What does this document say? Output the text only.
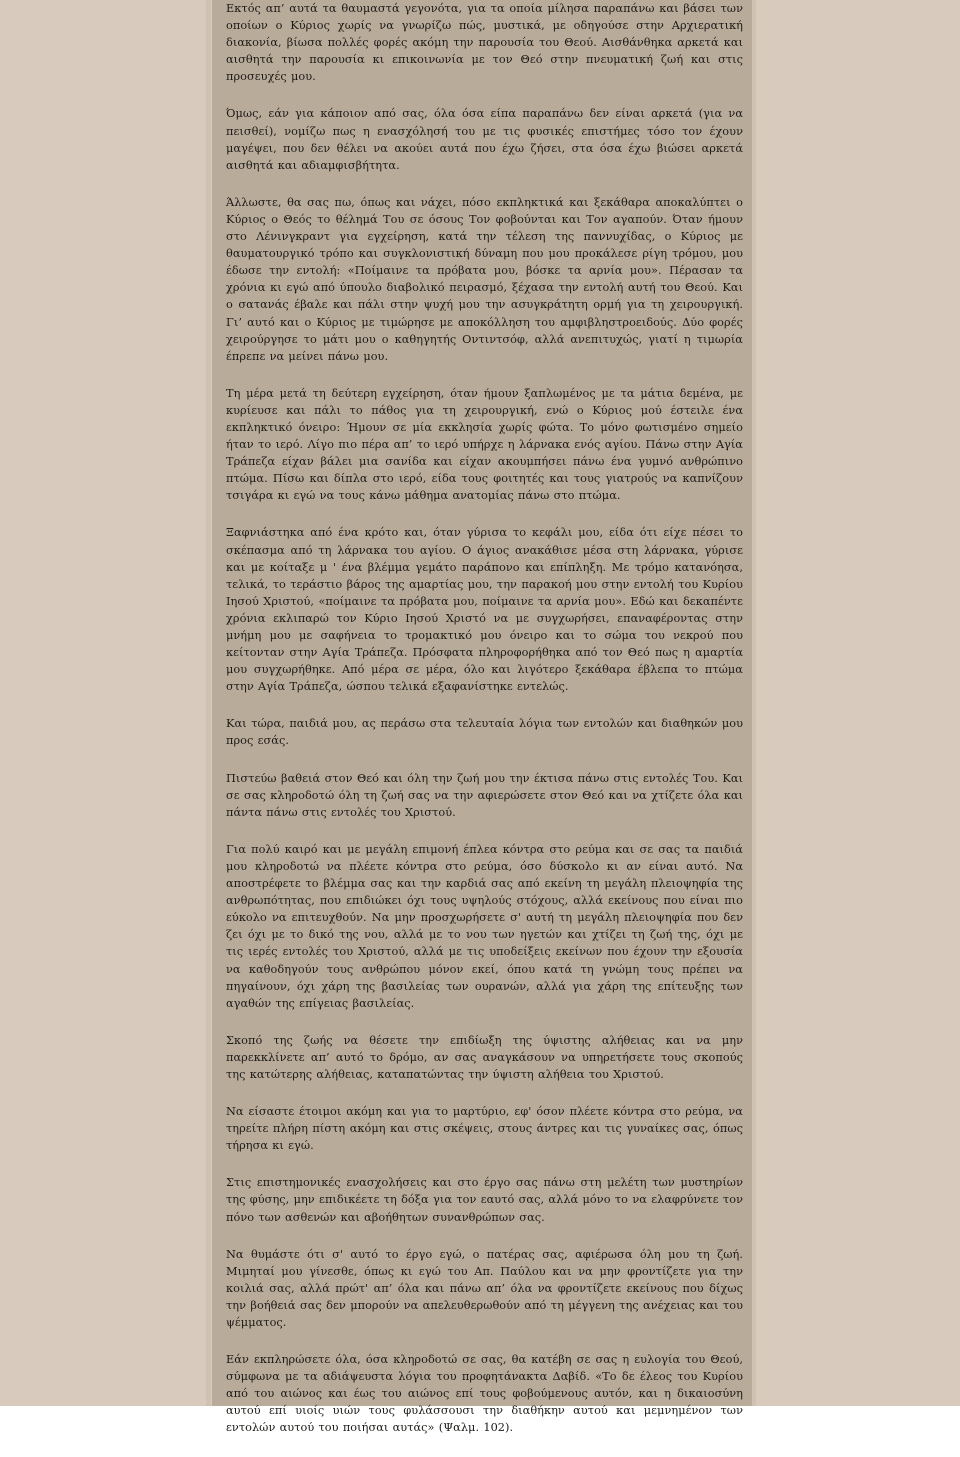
Εκτός απ’ αυτά τα θαυμαστά γεγονότα, για τα οποία μίλησα παραπάνω και βάσει των οποίων ο Κύριος χωρίς να γνωρίζω πώς, μυστικά, με οδηγούσε στην Αρχιερατική διακονία, βίωσα πολλές φορές ακόμη την παρουσία του Θεού. Αισθάνθηκα αρκετά και αισθητά την παρουσία κι επικοινωνία με τον Θεό στην πνευματική ζωή και στις προσευχές μου.

Όμως, εάν για κάποιον από σας, όλα όσα είπα παραπάνω δεν είναι αρκετά (για να πεισθεί), νομίζω πως η ενασχόλησή του με τις φυσικές επιστήμες τόσο τον έχουν μαγέψει, που δεν θέλει να ακούει αυτά που έχω ζήσει, στα όσα έχω βιώσει αρκετά αισθητά και αδιαμφισβήτητα.

Άλλωστε, θα σας πω, όπως και νάχει, πόσο εκπληκτικά και ξεκάθαρα αποκαλύπτει ο Κύριος ο Θεός το θέλημά Του σε όσους Τον φοβούνται και Τον αγαπούν. Όταν ήμουν στο Λένινγκραντ για εγχείρηση, κατά την τέλεση της παννυχίδας, ο Κύριος με θαυματουργικό τρόπο και συγκλονιστική δύναμη που μου προκάλεσε ρίγη τρόμου, μου έδωσε την εντολή: «Ποίμαινε τα πρόβατα μου, βόσκε τα αρνία μου». Πέρασαν τα χρόνια κι εγώ από ύπουλο διαβολικό πειρασμό, ξέχασα την εντολή αυτή του Θεού. Και ο σατανάς έβαλε και πάλι στην ψυχή μου την ασυγκράτητη ορμή για τη χειρουργική. Γι’ αυτό και ο Κύριος με τιμώρησε με αποκόλληση του αμφιβληστροειδούς. Δύο φορές χειρούργησε το μάτι μου ο καθηγητής Οντιντσόφ, αλλά ανεπιτυχώς, γιατί η τιμωρία έπρεπε να μείνει πάνω μου.

Τη μέρα μετά τη δεύτερη εγχείρηση, όταν ήμουν ξαπλωμένος με τα μάτια δεμένα, με κυρίευσε και πάλι το πάθος για τη χειρουργική, ενώ ο Κύριος μού έστειλε ένα εκπληκτικό όνειρο: Ήμουν σε μία εκκλησία χωρίς φώτα. Το μόνο φωτισμένο σημείο ήταν το ιερό. Λίγο πιο πέρα απ’ το ιερό υπήρχε η λάρνακα ενός αγίου. Πάνω στην Αγία Τράπεζα είχαν βάλει μια σανίδα και είχαν ακουμπήσει πάνω ένα γυμνό ανθρώπινο πτώμα. Πίσω και δίπλα στο ιερό, είδα τους φοιτητές και τους γιατρούς να καπνίζουν τσιγάρα κι εγώ να τους κάνω μάθημα ανατομίας πάνω στο πτώμα.

Ξαφνιάστηκα από ένα κρότο και, όταν γύρισα το κεφάλι μου, είδα ότι είχε πέσει το σκέπασμα από τη λάρνακα του αγίου. Ο άγιος ανακάθισε μέσα στη λάρνακα, γύρισε και με κοίταξε μ ' ένα βλέμμα γεμάτο παράπονο και επίπληξη. Με τρόμο κατανόησα, τελικά, το τεράστιο βάρος της αμαρτίας μου, την παρακοή μου στην εντολή του Κυρίου Ιησού Χριστού, «ποίμαινε τα πρόβατα μου, ποίμαινε τα αρνία μου». Εδώ και δεκαπέντε χρόνια εκλιπαρώ τον Κύριο Ιησού Χριστό να με συγχωρήσει, επαναφέροντας στην μνήμη μου με σαφήνεια το τρομακτικό μου όνειρο και το σώμα του νεκρού που κείτονταν στην Αγία Τράπεζα. Πρόσφατα πληροφορήθηκα από τον Θεό πως η αμαρτία μου συγχωρήθηκε. Από μέρα σε μέρα, όλο και λιγότερο ξεκάθαρα έβλεπα το πτώμα στην Αγία Τράπεζα, ώσπου τελικά εξαφανίστηκε εντελώς.

Και τώρα, παιδιά μου, ας περάσω στα τελευταία λόγια των εντολών και διαθηκών μου προς εσάς.

Πιστεύω βαθειά στον Θεό και όλη την ζωή μου την έκτισα πάνω στις εντολές Του. Και σε σας κληροδοτώ όλη τη ζωή σας να την αφιερώσετε στον Θεό και να χτίζετε όλα και πάντα πάνω στις εντολές του Χριστού.

Για πολύ καιρό και με μεγάλη επιμονή έπλεα κόντρα στο ρεύμα και σε σας τα παιδιά μου κληροδοτώ να πλέετε κόντρα στο ρεύμα, όσο δύσκολο κι αν είναι αυτό. Να αποστρέφετε το βλέμμα σας και την καρδιά σας από εκείνη τη μεγάλη πλειοψηφία της ανθρωπότητας, που επιδιώκει όχι τους υψηλούς στόχους, αλλά εκείνους που είναι πιο εύκολο να επιτευχθούν. Να μην προσχωρήσετε σ' αυτή τη μεγάλη πλειοψηφία που δεν ζει όχι με το δικό της νου, αλλά με το νου των ηγετών και χτίζει τη ζωή της, όχι με τις ιερές εντολές του Χριστού, αλλά με τις υποδείξεις εκείνων που έχουν την εξουσία να καθοδηγούν τους ανθρώπου μόνον εκεί, όπου κατά τη γνώμη τους πρέπει να πηγαίνουν, όχι χάρη της βασιλείας των ουρανών, αλλά για χάρη της επίτευξης των αγαθών της επίγειας βασιλείας.

Σκοπό της ζωής να θέσετε την επιδίωξη της ύψιστης αλήθειας και να μην παρεκκλίνετε απ’ αυτό το δρόμο, αν σας αναγκάσουν να υπηρετήσετε τους σκοπούς της κατώτερης αλήθειας, καταπατώντας την ύψιστη αλήθεια του Χριστού.

Να είσαστε έτοιμοι ακόμη και για το μαρτύριο, εφ' όσον πλέετε κόντρα στο ρεύμα, να τηρείτε πλήρη πίστη ακόμη και στις σκέψεις, στους άντρες και τις γυναίκες σας, όπως τήρησα κι εγώ.

Στις επιστημονικές ενασχολήσεις και στο έργο σας πάνω στη μελέτη των μυστηρίων της φύσης, μην επιδικέετε τη δόξα για τον εαυτό σας, αλλά μόνο το να ελαφρύνετε τον πόνο των ασθενών και αβοήθητων συνανθρώπων σας.

Να θυμάστε ότι σ' αυτό το έργο εγώ, ο πατέρας σας, αφιέρωσα όλη μου τη ζωή. Μιμηταί μου γίνεσθε, όπως κι εγώ του Απ. Παύλου και να μην φροντίζετε για την κοιλιά σας, αλλά πρώτ' απ’ όλα και πάνω απ’ όλα να φροντίζετε εκείνους που δίχως την βοήθειά σας δεν μπορούν να απελευθερωθούν από τη μέγγενη της ανέχειας και του ψέμματος.

Εάν εκπληρώσετε όλα, όσα κληροδοτώ σε σας, θα κατέβη σε σας η ευλογία του Θεού, σύμφωνα με τα αδιάψευστα λόγια του προφητάνακτα Δαβίδ. «Το δε έλεος του Κυρίου από του αιώνος και έως του αιώνος επί τους φοβούμενους αυτόν, και η δικαιοσύνη αυτού επί υιοίς υιών τους φυλάσσουσι την διαθήκην αυτού και μεμνημένον των εντολών αυτού του ποιήσαι αυτάς» (Ψαλμ. 102).
